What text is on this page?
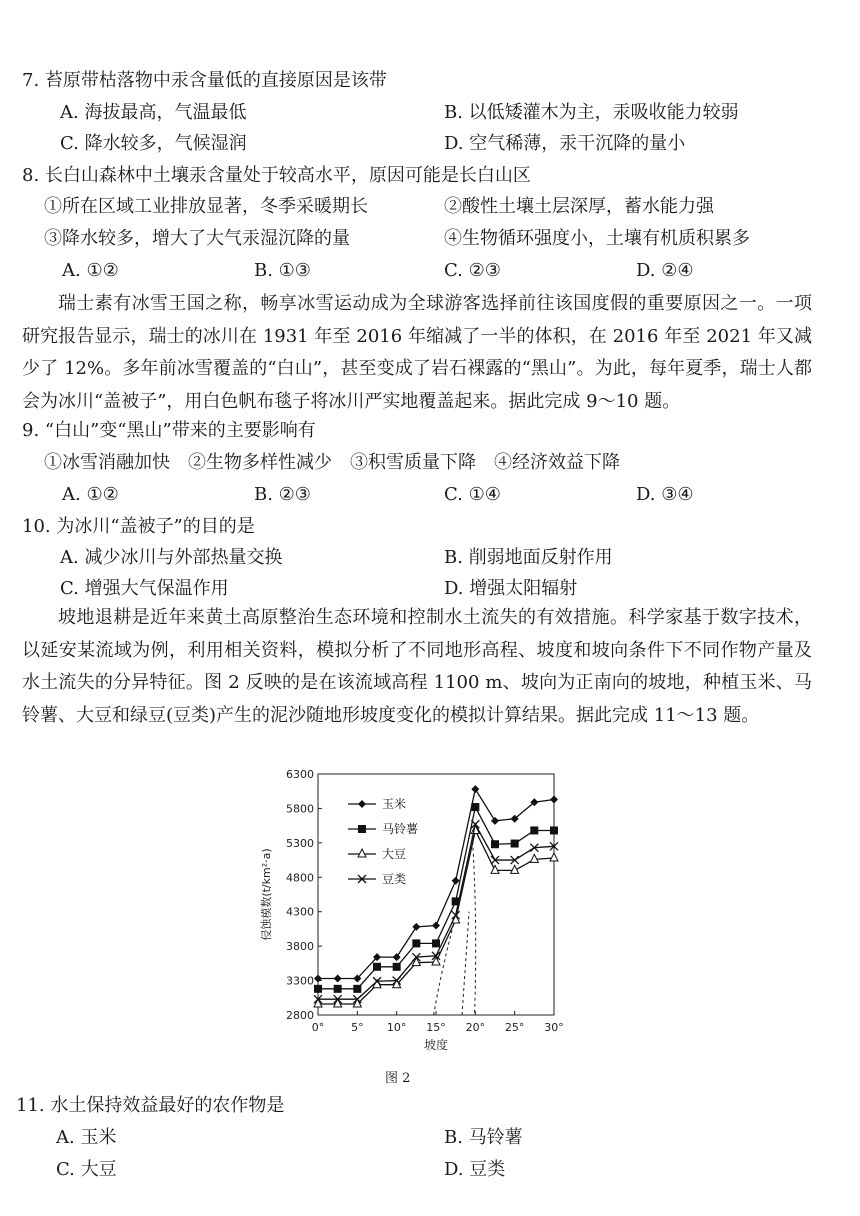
7. 苔原带枯落物中汞含量低的直接原因是该带
A. 海拔最高，气温最低	B. 以低矮灌木为主，汞吸收能力较弱
C. 降水较多，气候湿润	D. 空气稀薄，汞干沉降的量小
8. 长白山森林中土壤汞含量处于较高水平，原因可能是长白山区
①所在区域工业排放显著，冬季采暖期长	②酸性土壤土层深厚，蓄水能力强
③降水较多，增大了大气汞湿沉降的量	④生物循环强度小，土壤有机质积累多
A. ①②	B. ①③	C. ②③	D. ②④
瑞士素有冰雪王国之称，畅享冰雪运动成为全球游客选择前往该国度假的重要原因之一。一项研究报告显示，瑞士的冰川在 1931 年至 2016 年缩减了一半的体积，在 2016 年至 2021 年又减少了 12%。多年前冰雪覆盖的“白山”，甚至变成了岩石裸露的“黑山”。为此，每年夏季，瑞士人都会为冰川“盖被子”，用白色帆布毯子将冰川严实地覆盖起来。据此完成 9～10 题。
9. “白山”变“黑山”带来的主要影响有
①冰雪消融加快　②生物多样性减少　③积雪质量下降　④经济效益下降
A. ①②	B. ②③	C. ①④	D. ③④
10. 为冰川“盖被子”的目的是
A. 减少冰川与外部热量交换	B. 削弱地面反射作用
C. 增强大气保温作用	D. 增强太阳辐射
坡地退耕是近年来黄土高原整治生态环境和控制水土流失的有效措施。科学家基于数字技术，以延安某流域为例，利用相关资料，模拟分析了不同地形高程、坡度和坡向条件下不同作物产量及水土流失的分异特征。图 2 反映的是在该流域高程 1100 m、坡向为正南向的坡地，种植玉米、马铃薯、大豆和绿豆(豆类)产生的泥沙随地形坡度变化的模拟计算结果。据此完成 11～13 题。
2800
3300
3800
4300
4800
5300
5800
6300
0° 5° 10° 15° 20° 25° 30°
坡度
侵蚀模数(t/km²·a)
玉米
马铃薯
大豆
豆类
图 2
11. 水土保持效益最好的农作物是
A. 玉米	B. 马铃薯
C. 大豆	D. 豆类
